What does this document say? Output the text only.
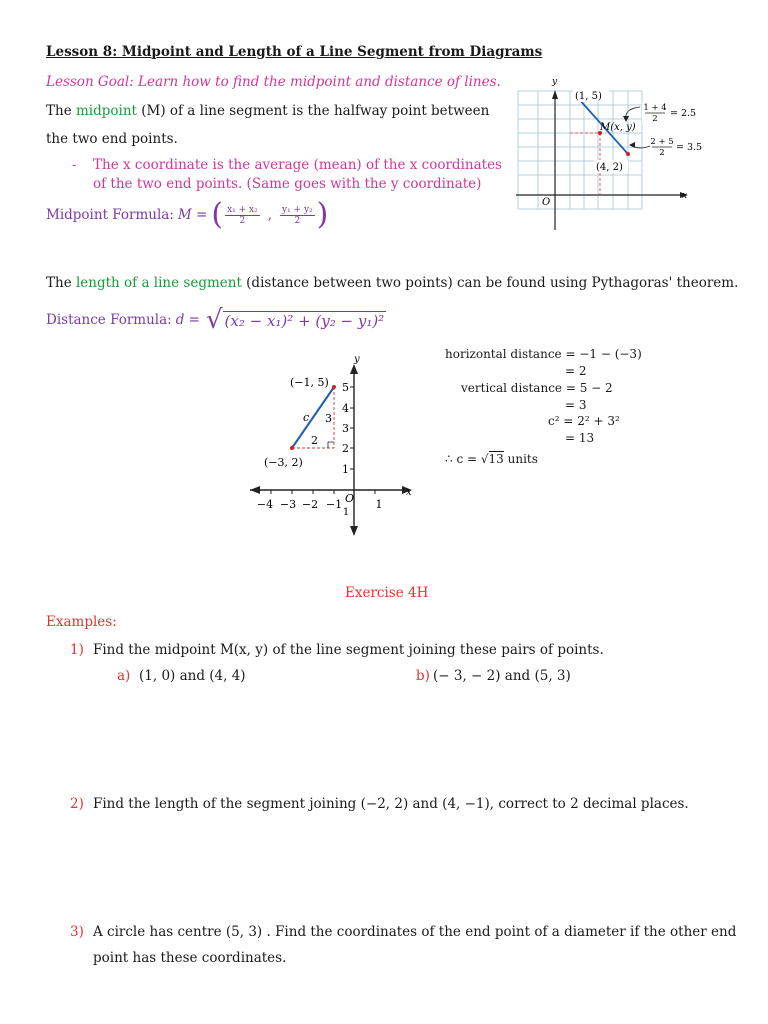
Lesson 8: Midpoint and Length of a Line Segment from Diagrams
Lesson Goal: Learn how to find the midpoint and distance of lines.
The midpoint (M) of a line segment is the halfway point between
the two end points.
- The x coordinate is the average (mean) of the x coordinates
of the two end points. (Same goes with the y coordinate)
Midpoint Formula: M = ( $\frac{\text{x₁ + x₂}}{2}$ , $\frac{\text{y₁ + y₂}}{2}$ )
y
x
O
(1, 5)
(4, 2)
M(x, y)
1 + 4
2 = 2.5
2 + 5
2 = 3.5
The length of a line segment (distance between two points) can be found using Pythagoras' theorem.
Distance Formula: d = √ (x₂ − x₁)² + (y₂ − y₁)²
y
x
O
5
4
3
2
1
1
−4 −3 −2 −1	1
(−1, 5)
(−3, 2)
c 3
2
horizontal distance = −1 − (−3)
= 2
vertical distance = 5 − 2
= 3
c² = 2² + 3²
= 13
∴ c = √13 units
Exercise 4H
Examples:
1) Find the midpoint M(x, y) of the line segment joining these pairs of points.
a) (1, 0) and (4, 4)	b) (− 3, − 2) and (5, 3)
2) Find the length of the segment joining (−2, 2) and (4, −1), correct to 2 decimal places.
3) A circle has centre (5, 3) . Find the coordinates of the end point of a diameter if the other end
point has these coordinates.
